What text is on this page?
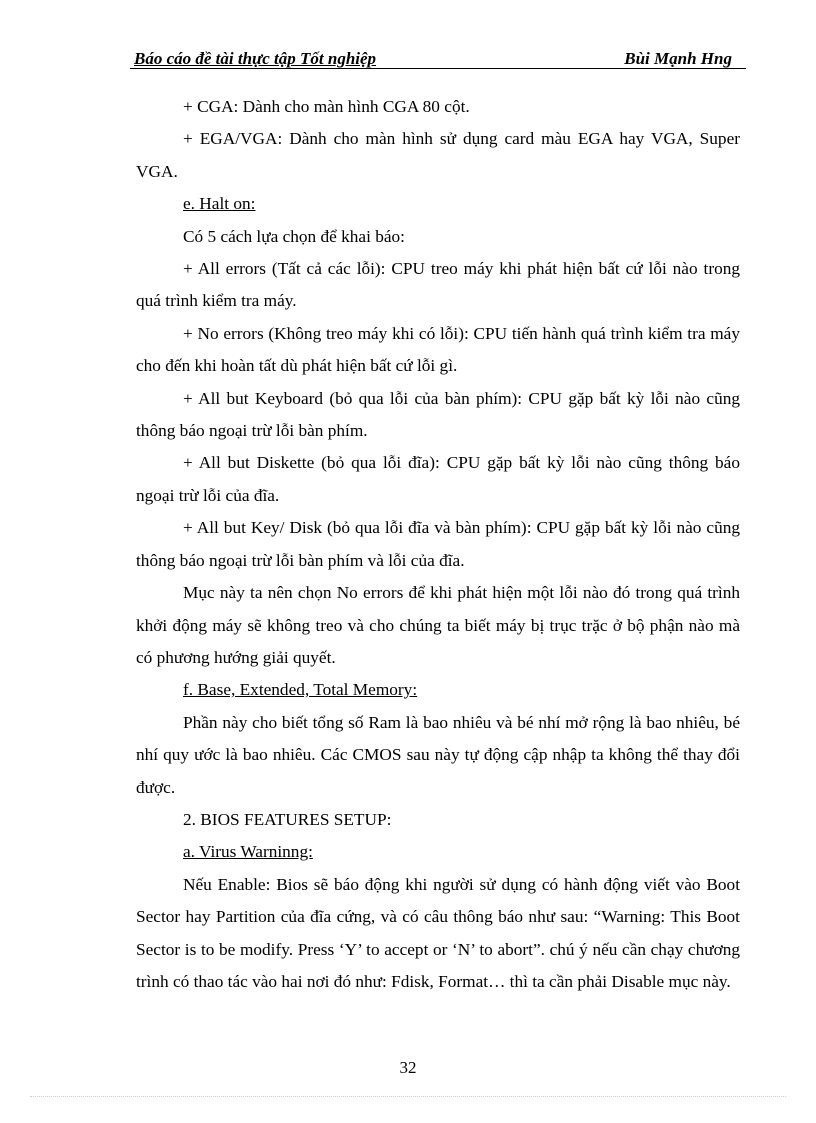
Báo cáo đề tài thực tập Tốt nghiệp	Bùi Mạnh Hng

+ CGA: Dành cho màn hình CGA 80 cột.

+ EGA/VGA: Dành cho màn hình sử dụng card màu EGA hay VGA, Super VGA.

e. Halt on:

Có 5 cách lựa chọn để khai báo:

+ All errors (Tất cả các lỗi): CPU treo máy khi phát hiện bất cứ lỗi nào trong quá trình kiểm tra máy.

+ No errors (Không treo máy khi có lỗi): CPU tiến hành quá trình kiểm tra máy cho đến khi hoàn tất dù phát hiện bất cứ lỗi gì.

+ All but Keyboard (bỏ qua lỗi của bàn phím): CPU gặp bất kỳ lỗi nào cũng thông báo ngoại trừ lỗi bàn phím.

+ All but Diskette (bỏ qua lỗi đĩa): CPU gặp bất kỳ lỗi nào cũng thông báo ngoại trừ lỗi của đĩa.

+ All but Key/ Disk (bỏ qua lỗi đĩa và bàn phím): CPU gặp bất kỳ lỗi nào cũng thông báo ngoại trừ lỗi bàn phím và lỗi của đĩa.

Mục này ta nên chọn No errors để khi phát hiện một lỗi nào đó trong quá trình khởi động máy sẽ không treo và cho chúng ta biết máy bị trục trặc ở bộ phận nào mà có phương hướng giải quyết.

f. Base, Extended, Total Memory:

Phần này cho biết tổng số Ram là bao nhiêu và bé nhí mở rộng là bao nhiêu, bé nhí quy ước là bao nhiêu. Các CMOS sau này tự động cập nhập ta không thể thay đổi được.

2. BIOS FEATURES SETUP:

a. Virus Warninng:

Nếu Enable: Bios sẽ báo động khi người sử dụng có hành động viết vào Boot Sector hay Partition của đĩa cứng, và có câu thông báo như sau: “Warning: This Boot Sector is to be modify. Press ‘Y’ to accept or ‘N’ to abort”. chú ý nếu cần chạy chương trình có thao tác vào hai nơi đó như: Fdisk, Format… thì ta cần phải Disable mục này.

32
